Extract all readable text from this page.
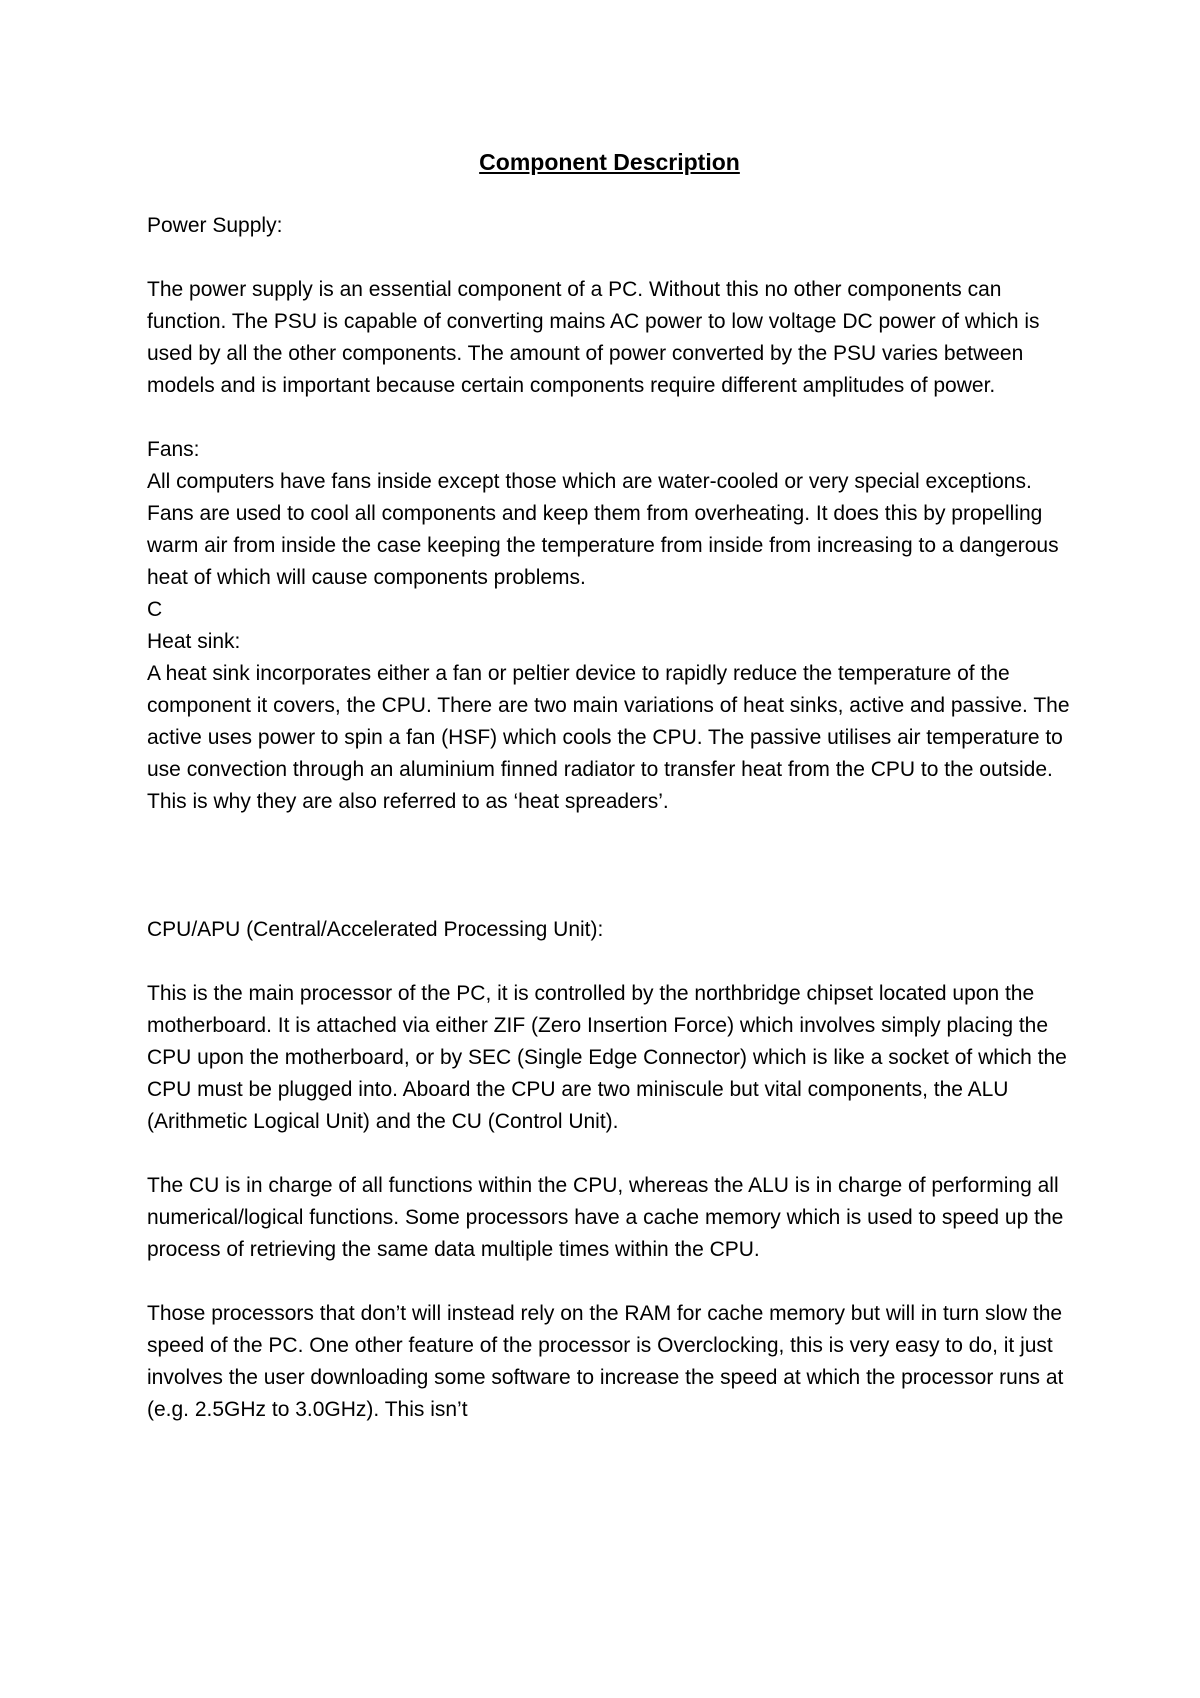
Component Description

Power Supply:

The power supply is an essential component of a PC. Without this no other components can function. The PSU is capable of converting mains AC power to low voltage DC power of which is used by all the other components. The amount of power converted by the PSU varies between models and is important because certain components require different amplitudes of power.

Fans:

All computers have fans inside except those which are water-cooled or very special exceptions. Fans are used to cool all components and keep them from overheating. It does this by propelling warm air from inside the case keeping the temperature from inside from increasing to a dangerous heat of which will cause components problems.

C

Heat sink:

A heat sink incorporates either a fan or peltier device to rapidly reduce the temperature of the component it covers, the CPU. There are two main variations of heat sinks, active and passive. The active uses power to spin a fan (HSF) which cools the CPU. The passive utilises air temperature to use convection through an aluminium finned radiator to transfer heat from the CPU to the outside. This is why they are also referred to as ‘heat spreaders’.

CPU/APU (Central/Accelerated Processing Unit):

This is the main processor of the PC, it is controlled by the northbridge chipset located upon the motherboard. It is attached via either ZIF (Zero Insertion Force) which involves simply placing the CPU upon the motherboard, or by SEC (Single Edge Connector) which is like a socket of which the CPU must be plugged into. Aboard the CPU are two miniscule but vital components, the ALU (Arithmetic Logical Unit) and the CU (Control Unit).

The CU is in charge of all functions within the CPU, whereas the ALU is in charge of performing all numerical/logical functions. Some processors have a cache memory which is used to speed up the process of retrieving the same data multiple times within the CPU.

Those processors that don’t will instead rely on the RAM for cache memory but will in turn slow the speed of the PC. One other feature of the processor is Overclocking, this is very easy to do, it just involves the user downloading some software to increase the speed at which the processor runs at (e.g. 2.5GHz to 3.0GHz). This isn’t
